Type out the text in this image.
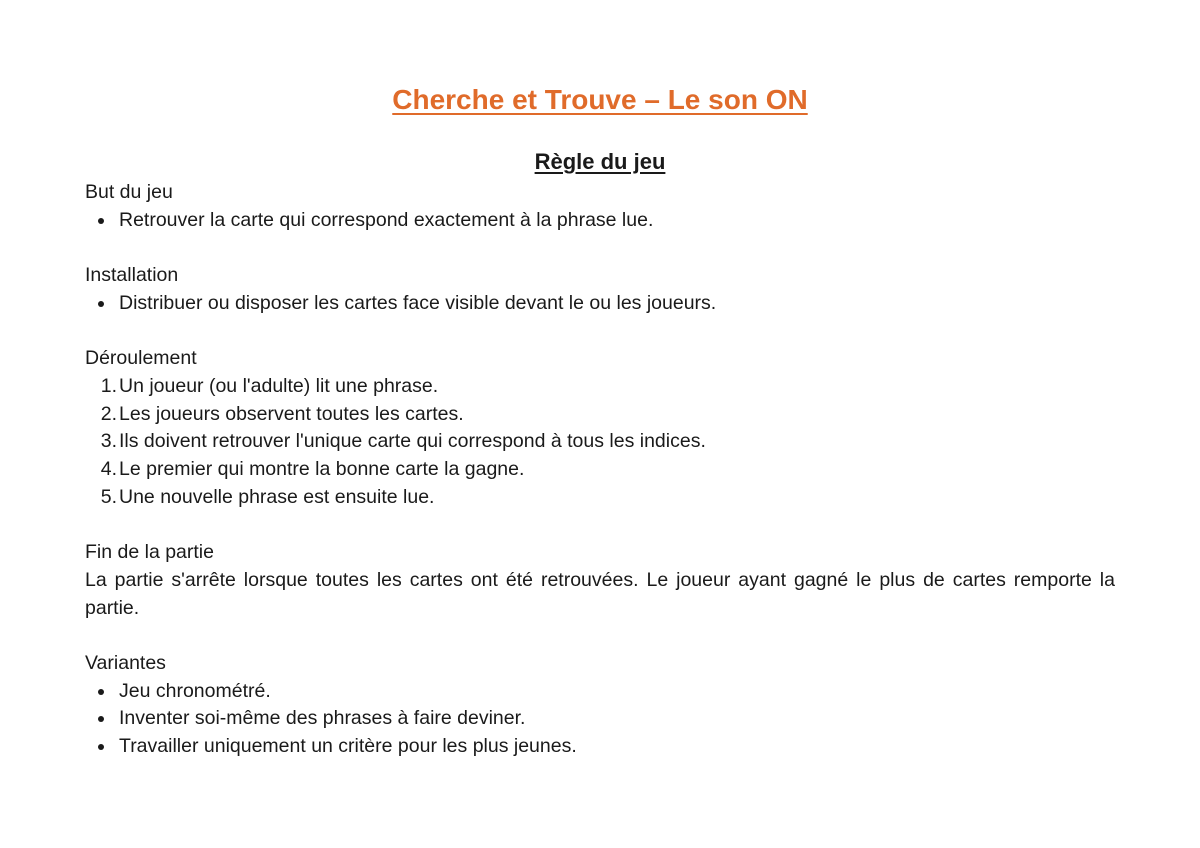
Cherche et Trouve – Le son ON
Règle du jeu
But du jeu
Retrouver la carte qui correspond exactement à la phrase lue.
Installation
Distribuer ou disposer les cartes face visible devant le ou les joueurs.
Déroulement
1. Un joueur (ou l'adulte) lit une phrase.
2. Les joueurs observent toutes les cartes.
3. Ils doivent retrouver l'unique carte qui correspond à tous les indices.
4. Le premier qui montre la bonne carte la gagne.
5. Une nouvelle phrase est ensuite lue.
Fin de la partie

La partie s'arrête lorsque toutes les cartes ont été retrouvées. Le joueur ayant gagné le plus de cartes remporte la partie.

Variantes
Jeu chronométré.
Inventer soi-même des phrases à faire deviner.
Travailler uniquement un critère pour les plus jeunes.
